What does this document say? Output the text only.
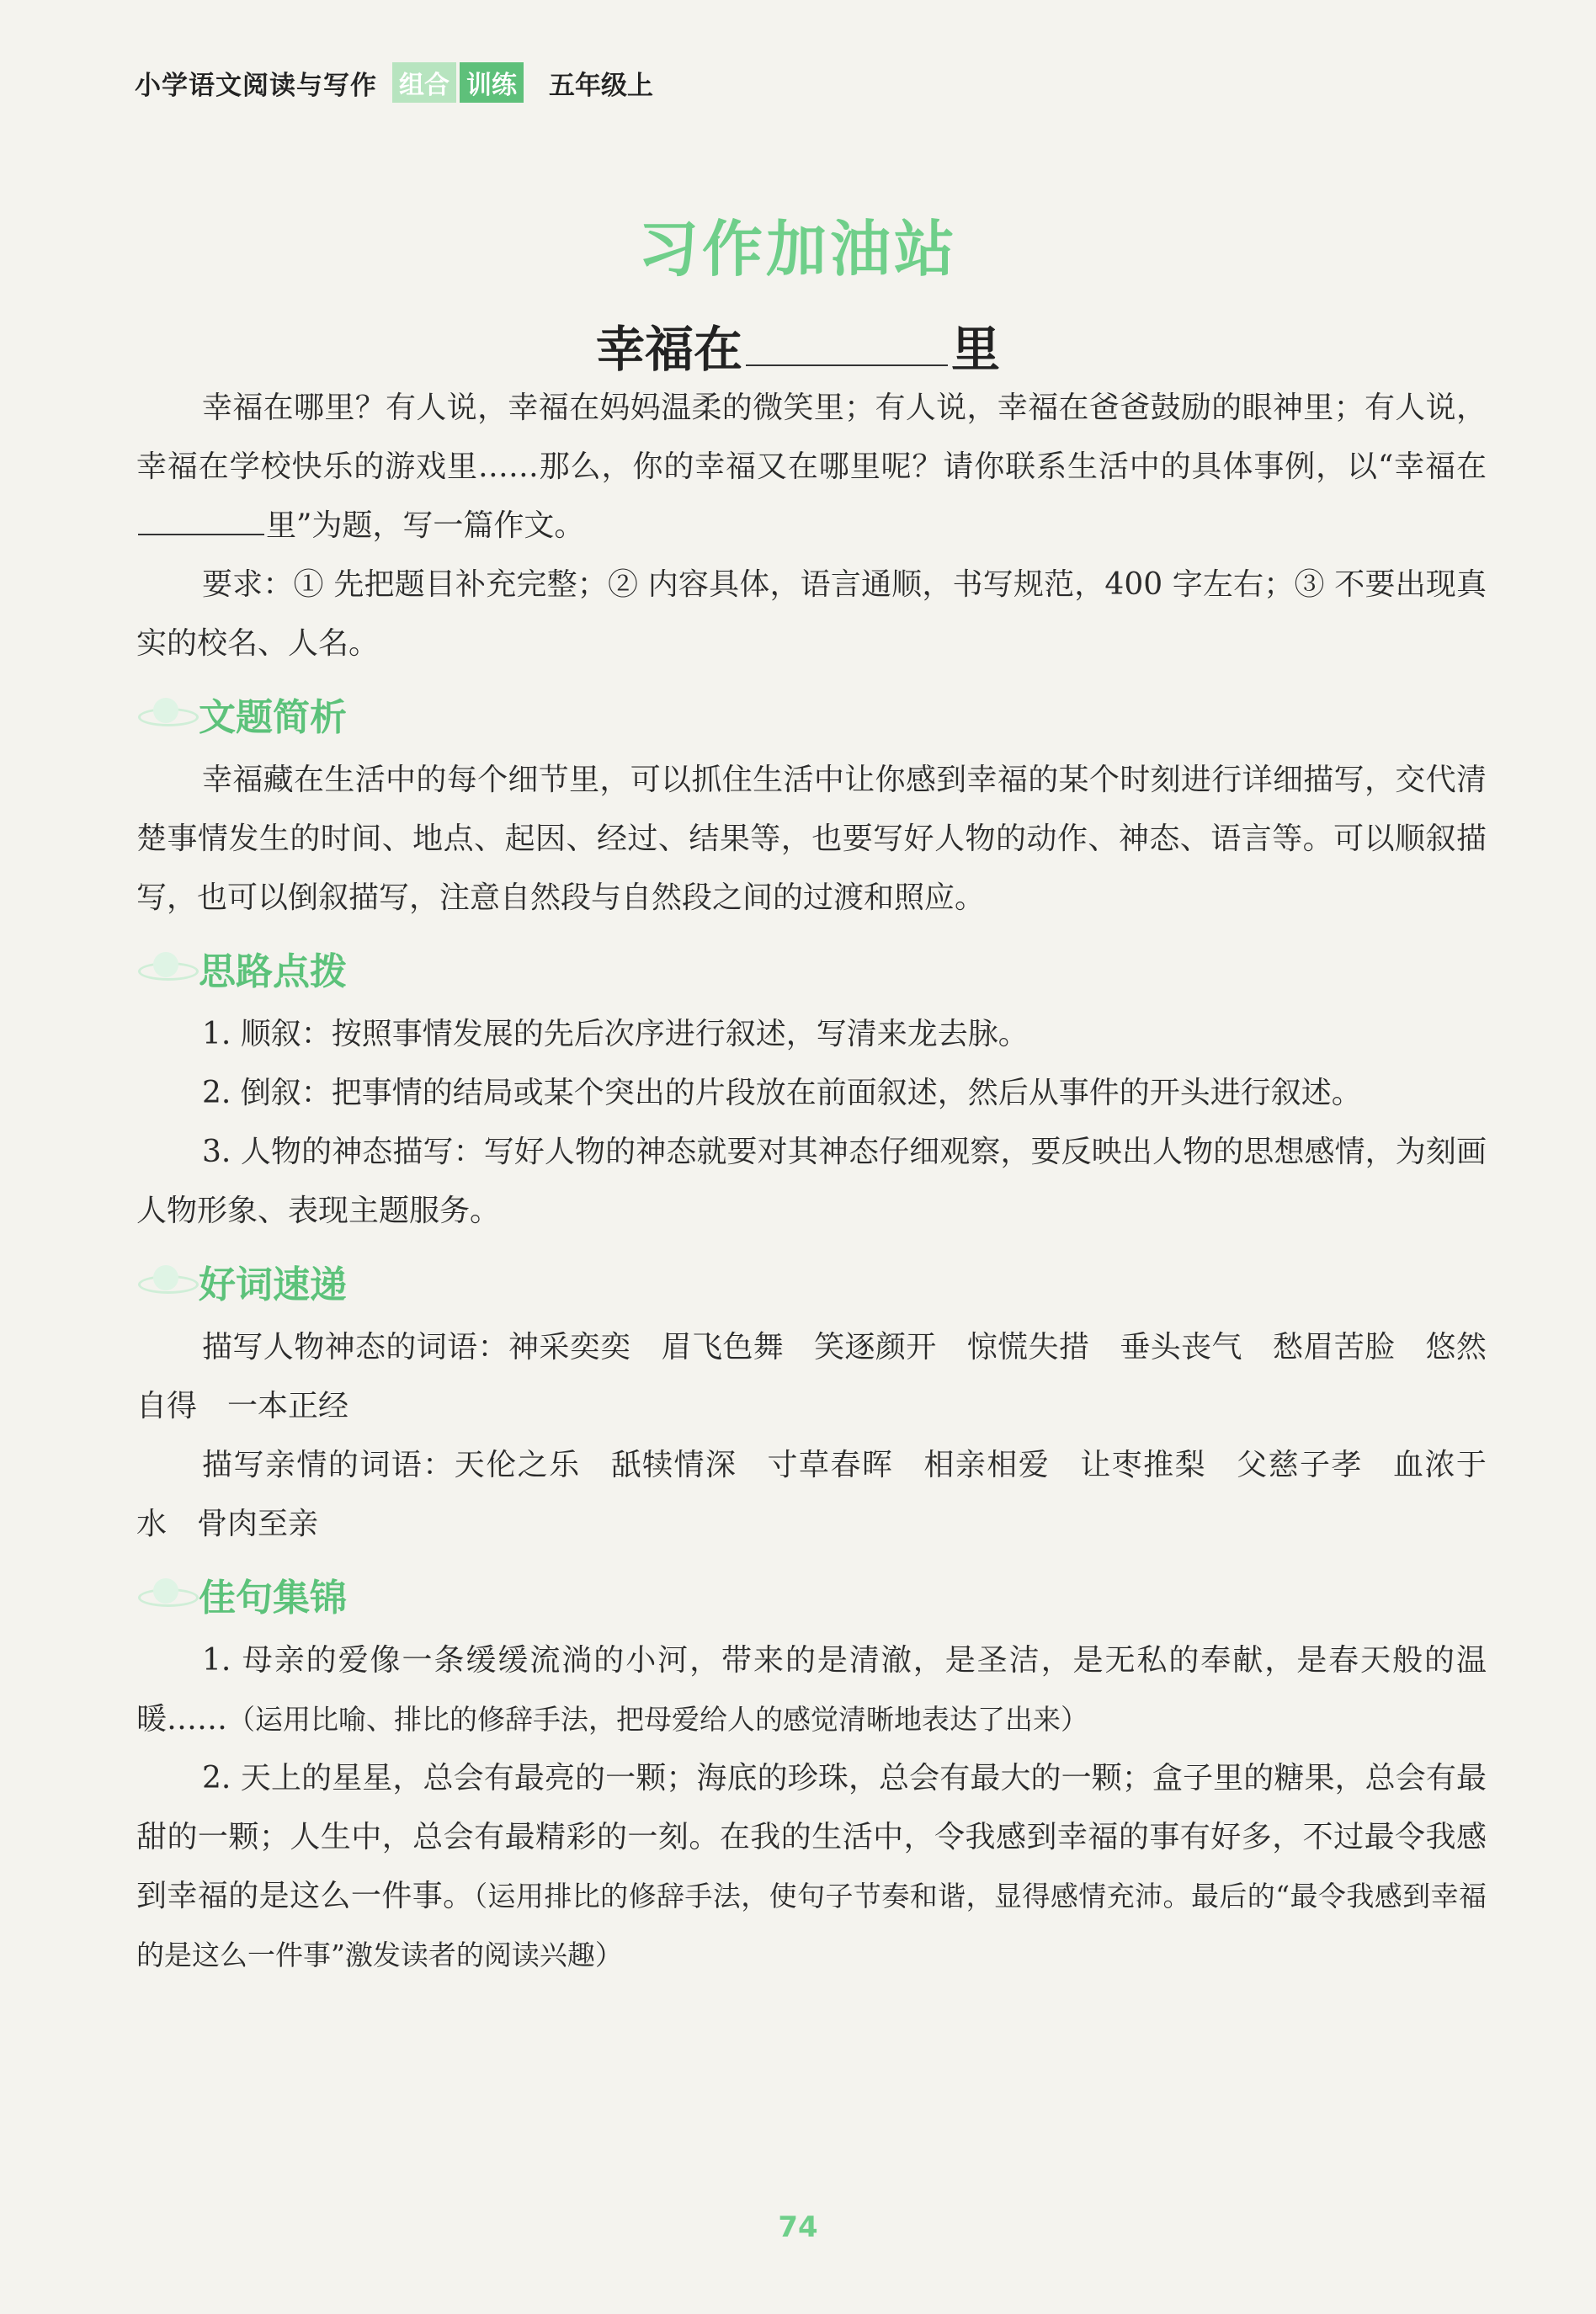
小学语文阅读与写作 组合 训练 五年级上
习作加油站
幸福在	里

幸福在哪里？有人说，幸福在妈妈温柔的微笑里；有人说，幸福在爸爸鼓励的眼神里；有人说，幸福在学校快乐的游戏里……那么，你的幸福又在哪里呢？请你联系生活中的具体事例，以“幸福在里”为题，写一篇作文。

要求：① 先把题目补充完整；② 内容具体，语言通顺，书写规范，400 字左右；③ 不要出现真实的校名、人名。

文题简析

幸福藏在生活中的每个细节里，可以抓住生活中让你感到幸福的某个时刻进行详细描写，交代清楚事情发生的时间、地点、起因、经过、结果等，也要写好人物的动作、神态、语言等。可以顺叙描写，也可以倒叙描写，注意自然段与自然段之间的过渡和照应。

思路点拨

1. 顺叙：按照事情发展的先后次序进行叙述，写清来龙去脉。

2. 倒叙：把事情的结局或某个突出的片段放在前面叙述，然后从事件的开头进行叙述。

3. 人物的神态描写：写好人物的神态就要对其神态仔细观察，要反映出人物的思想感情，为刻画人物形象、表现主题服务。

好词速递

描写人物神态的词语：神采奕奕 眉飞色舞 笑逐颜开 惊慌失措 垂头丧气 愁眉苦脸 悠然自得 一本正经

描写亲情的词语：天伦之乐 舐犊情深 寸草春晖 相亲相爱 让枣推梨 父慈子孝 血浓于水 骨肉至亲

佳句集锦

1. 母亲的爱像一条缓缓流淌的小河，带来的是清澈，是圣洁，是无私的奉献，是春天般的温暖……（运用比喻、排比的修辞手法，把母爱给人的感觉清晰地表达了出来）

2. 天上的星星，总会有最亮的一颗；海底的珍珠，总会有最大的一颗；盒子里的糖果，总会有最甜的一颗；人生中，总会有最精彩的一刻。在我的生活中，令我感到幸福的事有好多，不过最令我感到幸福的是这么一件事。（运用排比的修辞手法，使句子节奏和谐，显得感情充沛。最后的“最令我感到幸福的是这么一件事”激发读者的阅读兴趣）

74
